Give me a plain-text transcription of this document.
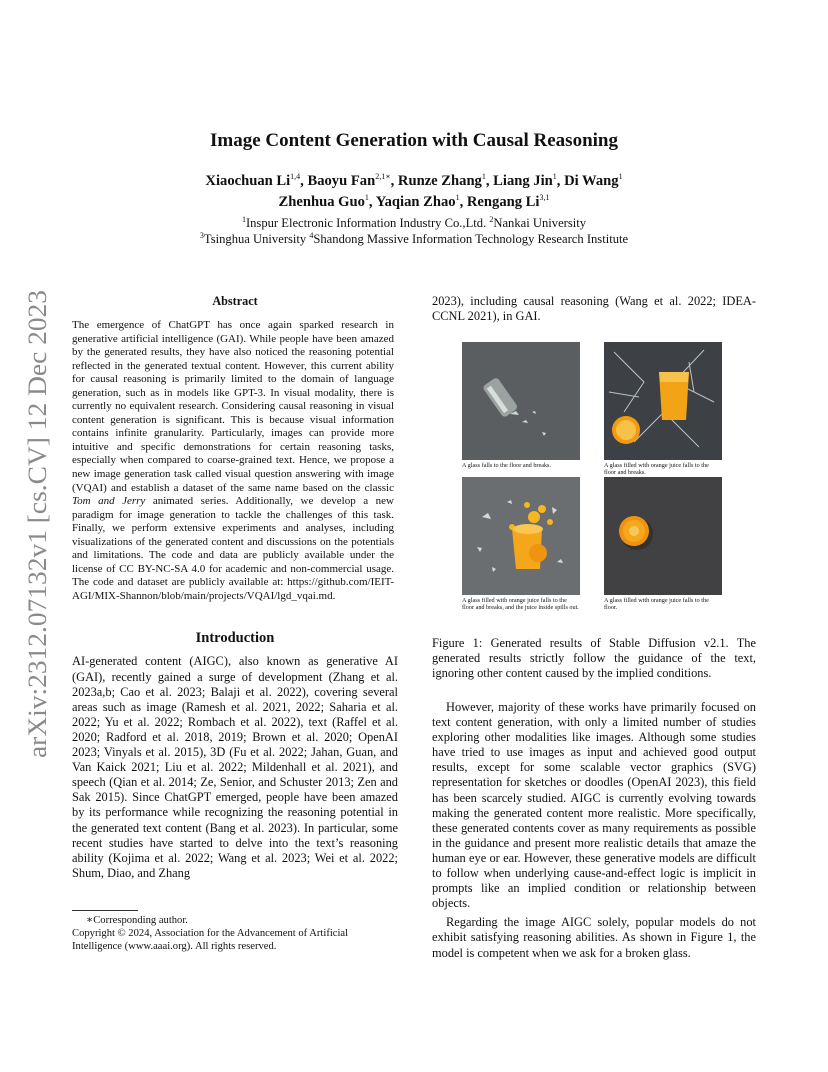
arXiv:2312.07132v1 [cs.CV] 12 Dec 2023
Image Content Generation with Causal Reasoning
Xiaochuan Li$^{1,4}$, Baoyu Fan$^{2,1∗}$, Runze Zhang$^1$, Liang Jin$^1$, Di Wang$^1$
Zhenhua Guo$^1$, Yaqian Zhao$^1$, Rengang Li$^{3,1}$
$^1$Inspur Electronic Information Industry Co.,Ltd. $^2$Nankai University
$^3$Tsinghua University $^4$Shandong Massive Information Technology Research Institute
Abstract

The emergence of ChatGPT has once again sparked research in generative artificial intelligence (GAI). While people have been amazed by the generated results, they have also noticed the reasoning potential reflected in the generated textual content. However, this current ability for causal reasoning is primarily limited to the domain of language generation, such as in models like GPT-3. In visual modality, there is currently no equivalent research. Considering causal reasoning in visual content generation is significant. This is because visual information contains infinite granularity. Particularly, images can provide more intuitive and specific demonstrations for certain reasoning tasks, especially when compared to coarse-grained text. Hence, we propose a new image generation task called visual question answering with image (VQAI) and establish a dataset of the same name based on the classic Tom and Jerry animated series. Additionally, we develop a new paradigm for image generation to tackle the challenges of this task. Finally, we perform extensive experiments and analyses, including visualizations of the generated content and discussions on the potentials and limitations. The code and data are publicly available under the license of CC BY-NC-SA 4.0 for academic and non-commercial usage. The code and dataset are publicly available at: https://github.com/IEIT-AGI/MIX-Shannon/blob/main/projects/VQAI/lgd_vqai.md.

Introduction

AI-generated content (AIGC), also known as generative AI (GAI), recently gained a surge of development (Zhang et al. 2023a,b; Cao et al. 2023; Balaji et al. 2022), covering several areas such as image (Ramesh et al. 2021, 2022; Saharia et al. 2022; Yu et al. 2022; Rombach et al. 2022), text (Raffel et al. 2020; Radford et al. 2018, 2019; Brown et al. 2020; OpenAI 2023; Vinyals et al. 2015), 3D (Fu et al. 2022; Jahan, Guan, and Van Kaick 2021; Liu et al. 2022; Mildenhall et al. 2021), and speech (Qian et al. 2014; Ze, Senior, and Schuster 2013; Zen and Sak 2015). Since ChatGPT emerged, people have been amazed by its performance while recognizing the reasoning potential in the generated text content (Bang et al. 2023). In particular, some recent studies have started to delve into the text’s reasoning ability (Kojima et al. 2022; Wang et al. 2023; Wei et al. 2022; Shum, Diao, and Zhang

∗Corresponding author.
Copyright © 2024, Association for the Advancement of Artificial Intelligence (www.aaai.org). All rights reserved.

2023), including causal reasoning (Wang et al. 2022; IDEA-CCNL 2021), in GAI.

A glass falls to the floor and breaks.	A glass filled with orange juice falls to the floor and breaks.
A glass filled with orange juice falls to the floor and breaks, and the juice inside spills out.
A glass filled with orange juice falls to the floor.
Figure 1: Generated results of Stable Diffusion v2.1. The generated results strictly follow the guidance of the text, ignoring other content caused by the implied conditions.

However, majority of these works have primarily focused on text content generation, with only a limited number of studies exploring other modalities like images. Although some studies have tried to use images as input and achieved good output results, except for some scalable vector graphics (SVG) representation for sketches or doodles (OpenAI 2023), this field has been scarcely studied. AIGC is currently evolving towards making the generated content more realistic. More specifically, these generated contents cover as many requirements as possible in the guidance and present more realistic details that amaze the human eye or ear. However, these generative models are difficult to follow when underlying cause-and-effect logic is implicit in prompts like an implied condition or relationship between objects.

Regarding the image AIGC solely, popular models do not exhibit satisfying reasoning abilities. As shown in Figure 1, the model is competent when we ask for a broken glass.
